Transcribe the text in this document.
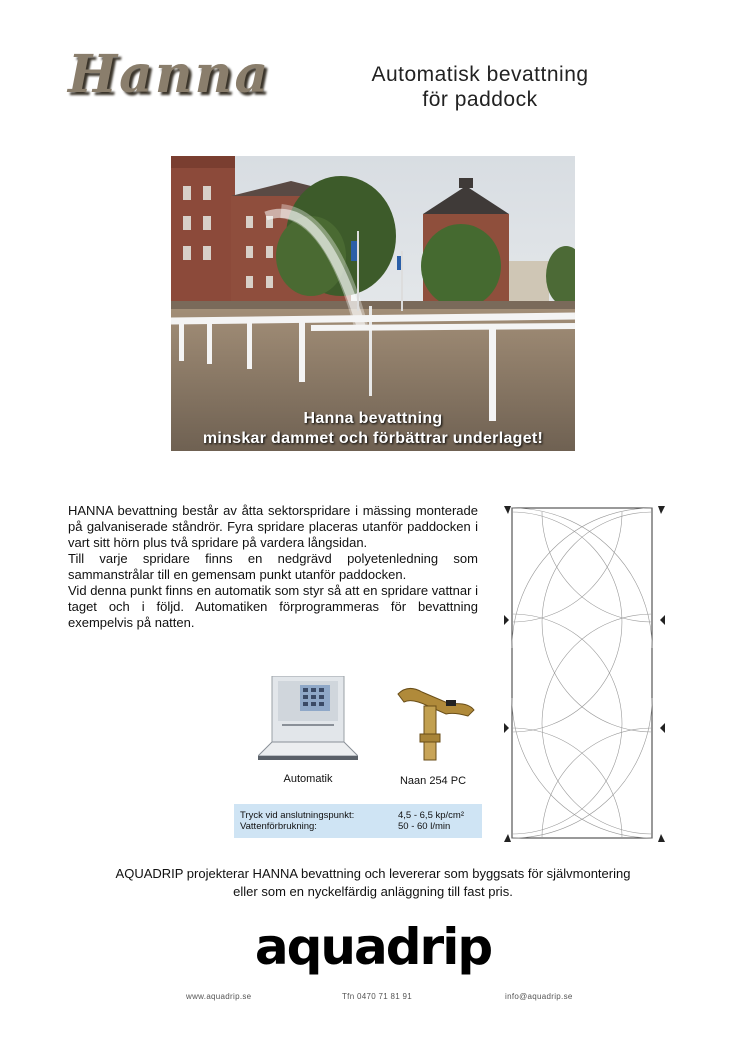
Hanna	Automatisk bevattning
för paddock
Hanna bevattning
minskar dammet och förbättrar underlaget!

HANNA bevattning består av åtta sektorspridare i mässing monterade på galvaniserade ståndrör. Fyra spridare placeras utanför paddocken i vart sitt hörn plus två spridare på vardera långsidan.

Till varje spridare finns en nedgrävd polyetenledning som sammanstrålar till en gemensam punkt utanför paddocken.

Vid denna punkt finns en automatik som styr så att en spridare vattnar i taget och i följd. Automatiken förprogrammeras för bevattning exempelvis på natten.

Automatik	Naan 254 PC
Tryck vid anslutningspunkt:	4,5 - 6,5 kp/cm²
Vattenförbrukning:	50 - 60 l/min
AQUADRIP projekterar HANNA bevattning och levererar som byggsats för självmontering
eller som en nyckelfärdig anläggning till fast pris.
aquadrip
www.aquadrip.se	Tfn 0470 71 81 91	info@aquadrip.se
